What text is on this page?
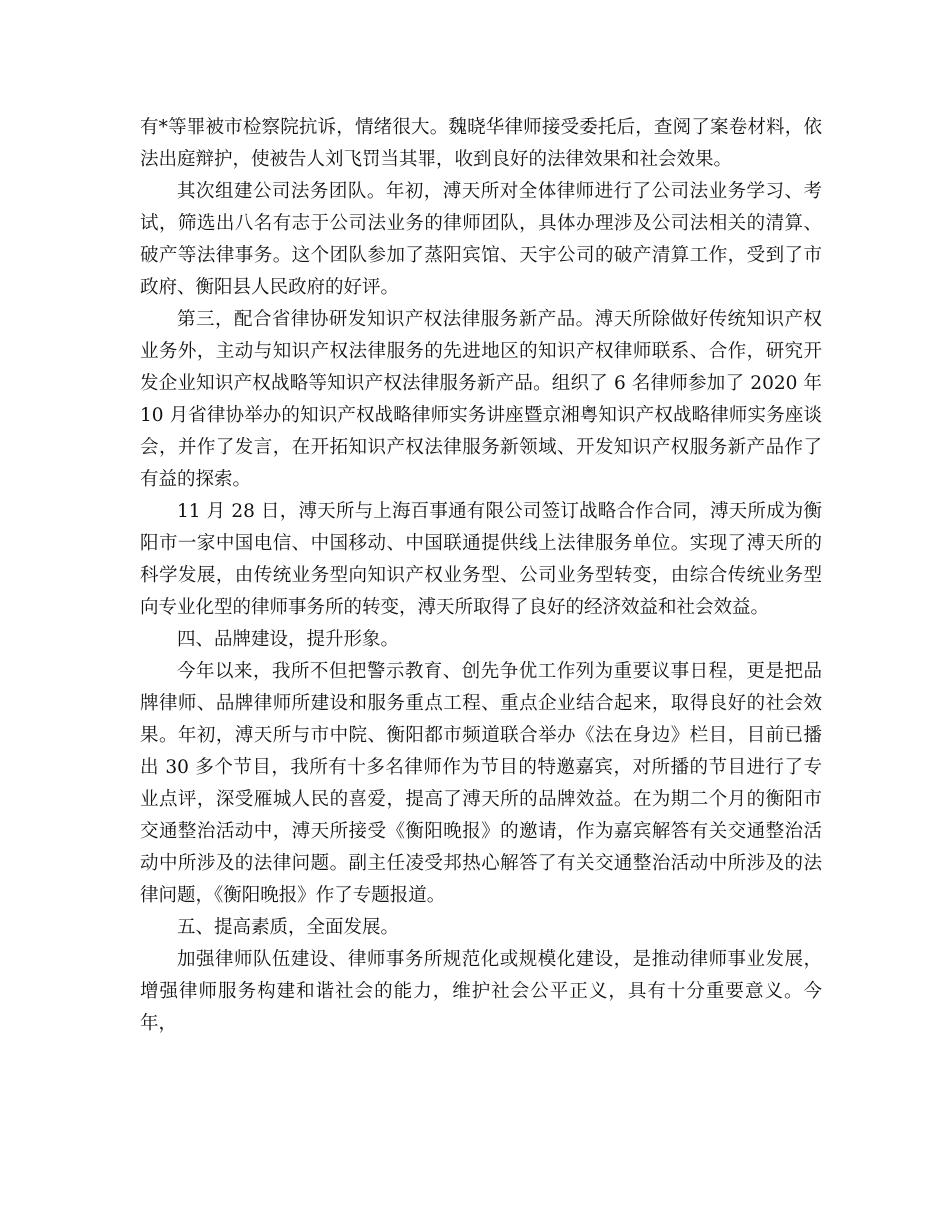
有*等罪被市检察院抗诉，情绪很大。魏晓华律师接受委托后，查阅了案卷材料，依法出庭辩护，使被告人刘飞罚当其罪，收到良好的法律效果和社会效果。

其次组建公司法务团队。年初，溥天所对全体律师进行了公司法业务学习、考试，筛选出八名有志于公司法业务的律师团队，具体办理涉及公司法相关的清算、破产等法律事务。这个团队参加了蒸阳宾馆、天宇公司的破产清算工作，受到了市政府、衡阳县人民政府的好评。

第三，配合省律协研发知识产权法律服务新产品。溥天所除做好传统知识产权业务外，主动与知识产权法律服务的先进地区的知识产权律师联系、合作，研究开发企业知识产权战略等知识产权法律服务新产品。组织了 6 名律师参加了 2020 年 10 月省律协举办的知识产权战略律师实务讲座暨京湘粤知识产权战略律师实务座谈会，并作了发言，在开拓知识产权法律服务新领域、开发知识产权服务新产品作了有益的探索。

11 月 28 日，溥天所与上海百事通有限公司签订战略合作合同，溥天所成为衡阳市一家中国电信、中国移动、中国联通提供线上法律服务单位。实现了溥天所的科学发展，由传统业务型向知识产权业务型、公司业务型转变，由综合传统业务型向专业化型的律师事务所的转变，溥天所取得了良好的经济效益和社会效益。

四、品牌建设，提升形象。

今年以来，我所不但把警示教育、创先争优工作列为重要议事日程，更是把品牌律师、品牌律师所建设和服务重点工程、重点企业结合起来，取得良好的社会效果。年初，溥天所与市中院、衡阳都市频道联合举办《法在身边》栏目，目前已播出 30 多个节目，我所有十多名律师作为节目的特邀嘉宾，对所播的节目进行了专业点评，深受雁城人民的喜爱，提高了溥天所的品牌效益。在为期二个月的衡阳市交通整治活动中，溥天所接受《衡阳晚报》的邀请，作为嘉宾解答有关交通整治活动中所涉及的法律问题。副主任凌受邦热心解答了有关交通整治活动中所涉及的法律问题，《衡阳晚报》作了专题报道。

五、提高素质，全面发展。

加强律师队伍建设、律师事务所规范化或规模化建设，是推动律师事业发展，增强律师服务构建和谐社会的能力，维护社会公平正义，具有十分重要意义。今年，
